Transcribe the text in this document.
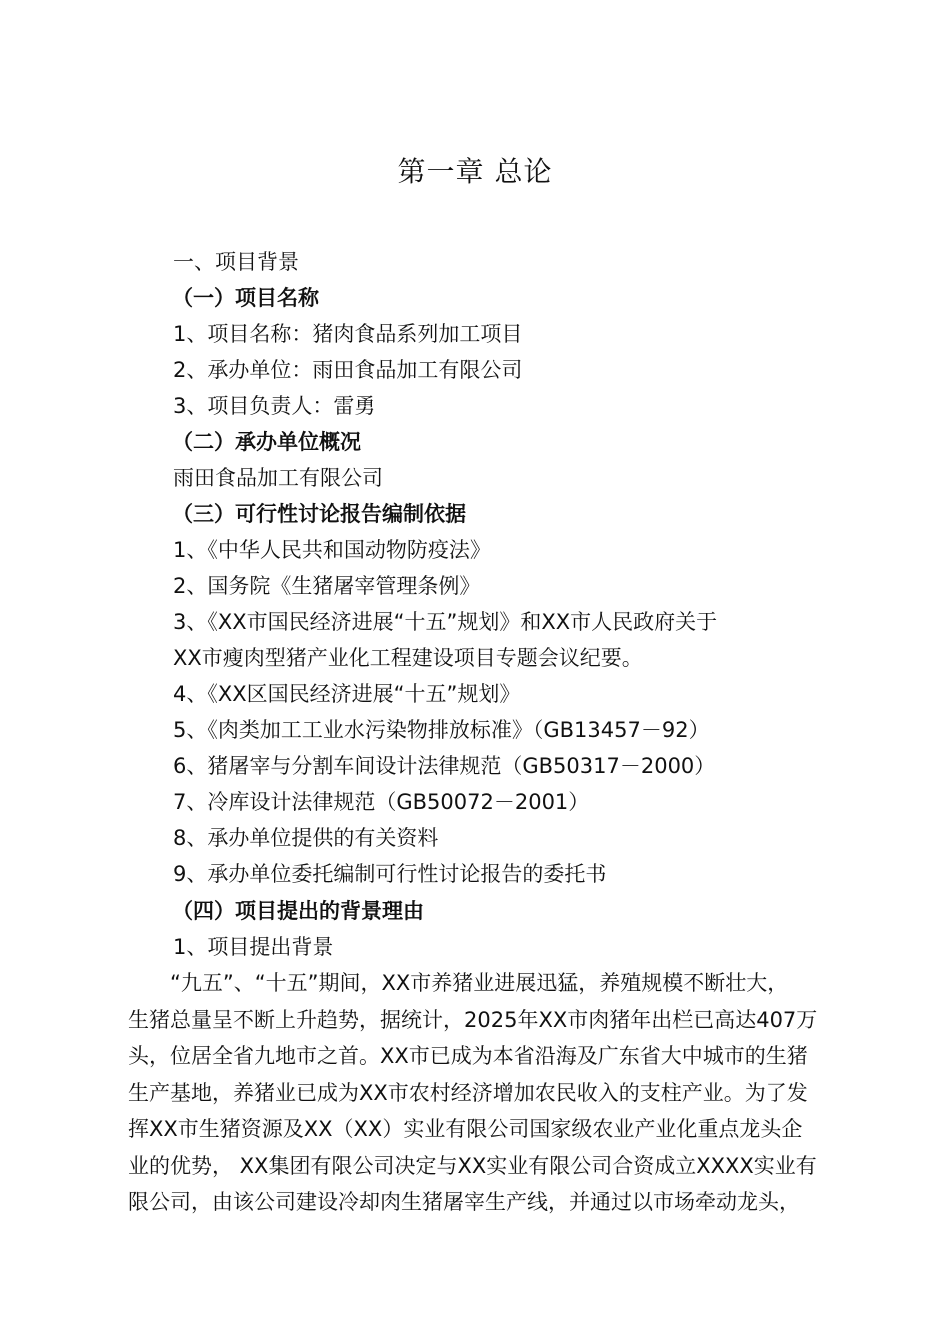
第一章 总论
一、项目背景
（一）项目名称
1、项目名称：猪肉食品系列加工项目
2、承办单位：雨田食品加工有限公司
3、项目负责人：雷勇
（二）承办单位概况
雨田食品加工有限公司
（三）可行性讨论报告编制依据
1、《中华人民共和国动物防疫法》
2、国务院《生猪屠宰管理条例》
3、《XX市国民经济进展“十五”规划》和XX市人民政府关于
XX市瘦肉型猪产业化工程建设项目专题会议纪要。
4、《XX区国民经济进展“十五”规划》
5、《肉类加工工业水污染物排放标准》（GB13457－92）
6、猪屠宰与分割车间设计法律规范（GB50317－2000）
7、冷库设计法律规范（GB50072－2001）
8、承办单位提供的有关资料
9、承办单位委托编制可行性讨论报告的委托书
（四）项目提出的背景理由
1、项目提出背景
“九五”、“十五”期间，XX市养猪业进展迅猛，养殖规模不断壮大，
生猪总量呈不断上升趋势，据统计，2025年XX市肉猪年出栏已高达407万
头，位居全省九地市之首。XX市已成为本省沿海及广东省大中城市的生猪
生产基地，养猪业已成为XX市农村经济增加农民收入的支柱产业。为了发
挥XX市生猪资源及XX（XX）实业有限公司国家级农业产业化重点龙头企
业的优势， XX集团有限公司决定与XX实业有限公司合资成立XXXX实业有
限公司，由该公司建设冷却肉生猪屠宰生产线，并通过以市场牵动龙头，
